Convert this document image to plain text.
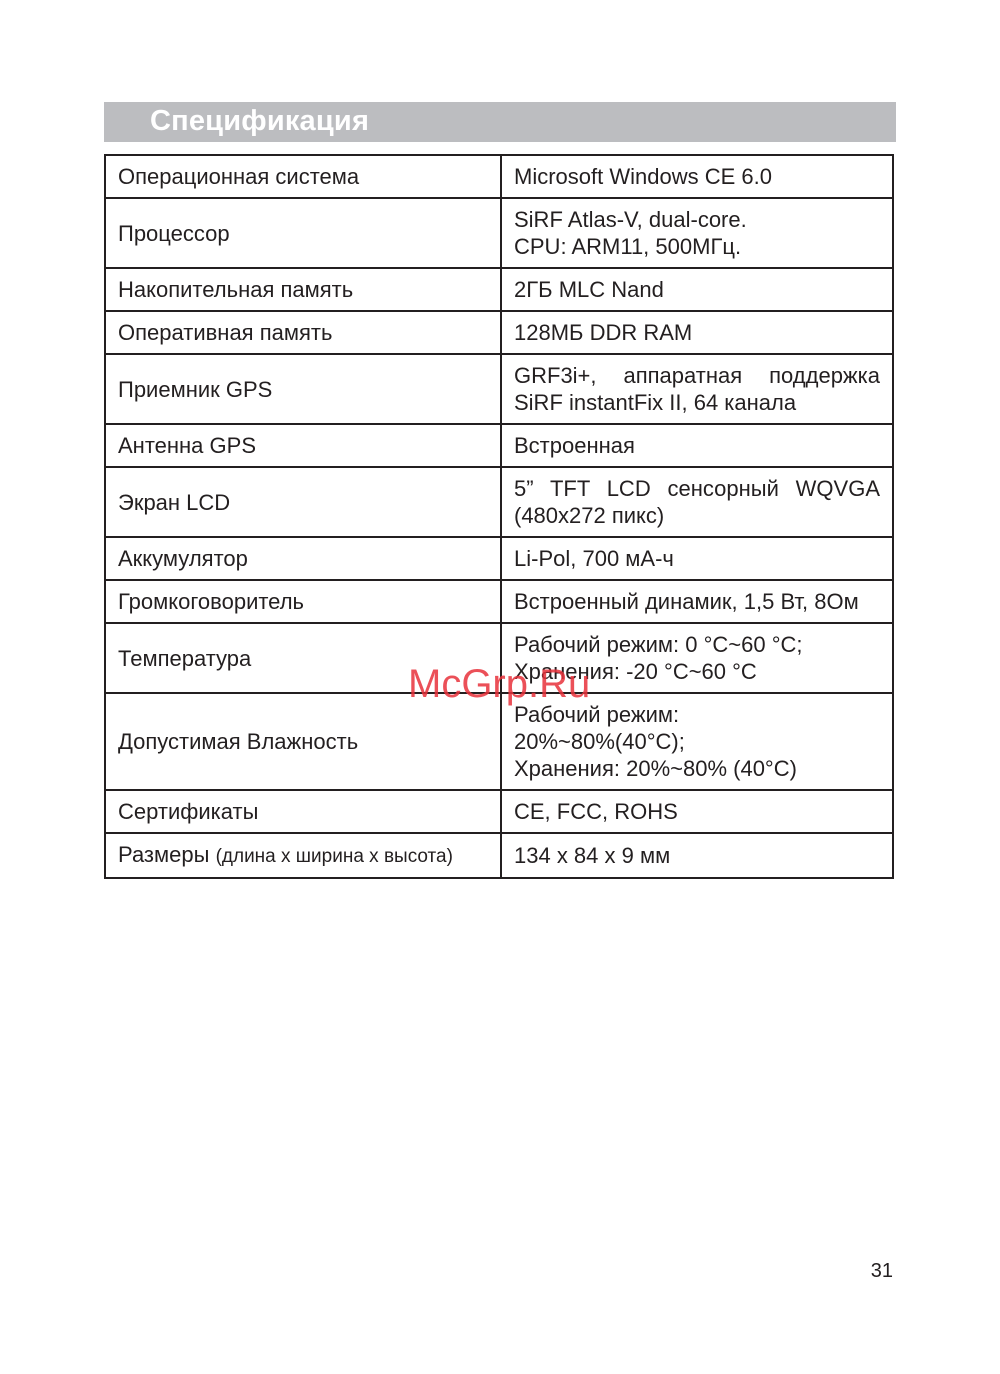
Спецификация
Операционная система	Microsoft Windows CE 6.0

Процессор	SiRF Atlas-V, dual-core.
CPU: ARM11, 500МГц.

Накопительная память	2ГБ MLC Nand

Оперативная память	128МБ DDR RAM

Приемник GPS	GRF3i+, аппаратная поддержка SiRF instantFix II, 64 канала

Антенна GPS	Встроенная

Экран LCD	5” TFT LCD сенсорный WQVGA (480х272 пикс)

Аккумулятор	Li-Pol, 700 мА-ч

Громкоговоритель	Встроенный динамик, 1,5 Вт, 8Ом

Температура	Рабочий режим: 0 °С~60 °С;
Хранения: -20 °С~60 °С

Допустимая Влажность	Рабочий режим:
20%~80%(40°С);
Хранения: 20%~80% (40°С)

Сертификаты	CE, FCC, ROHS

Размеры (длина х ширина х высота)	134 х 84 х 9 мм
McGrp.Ru
31
